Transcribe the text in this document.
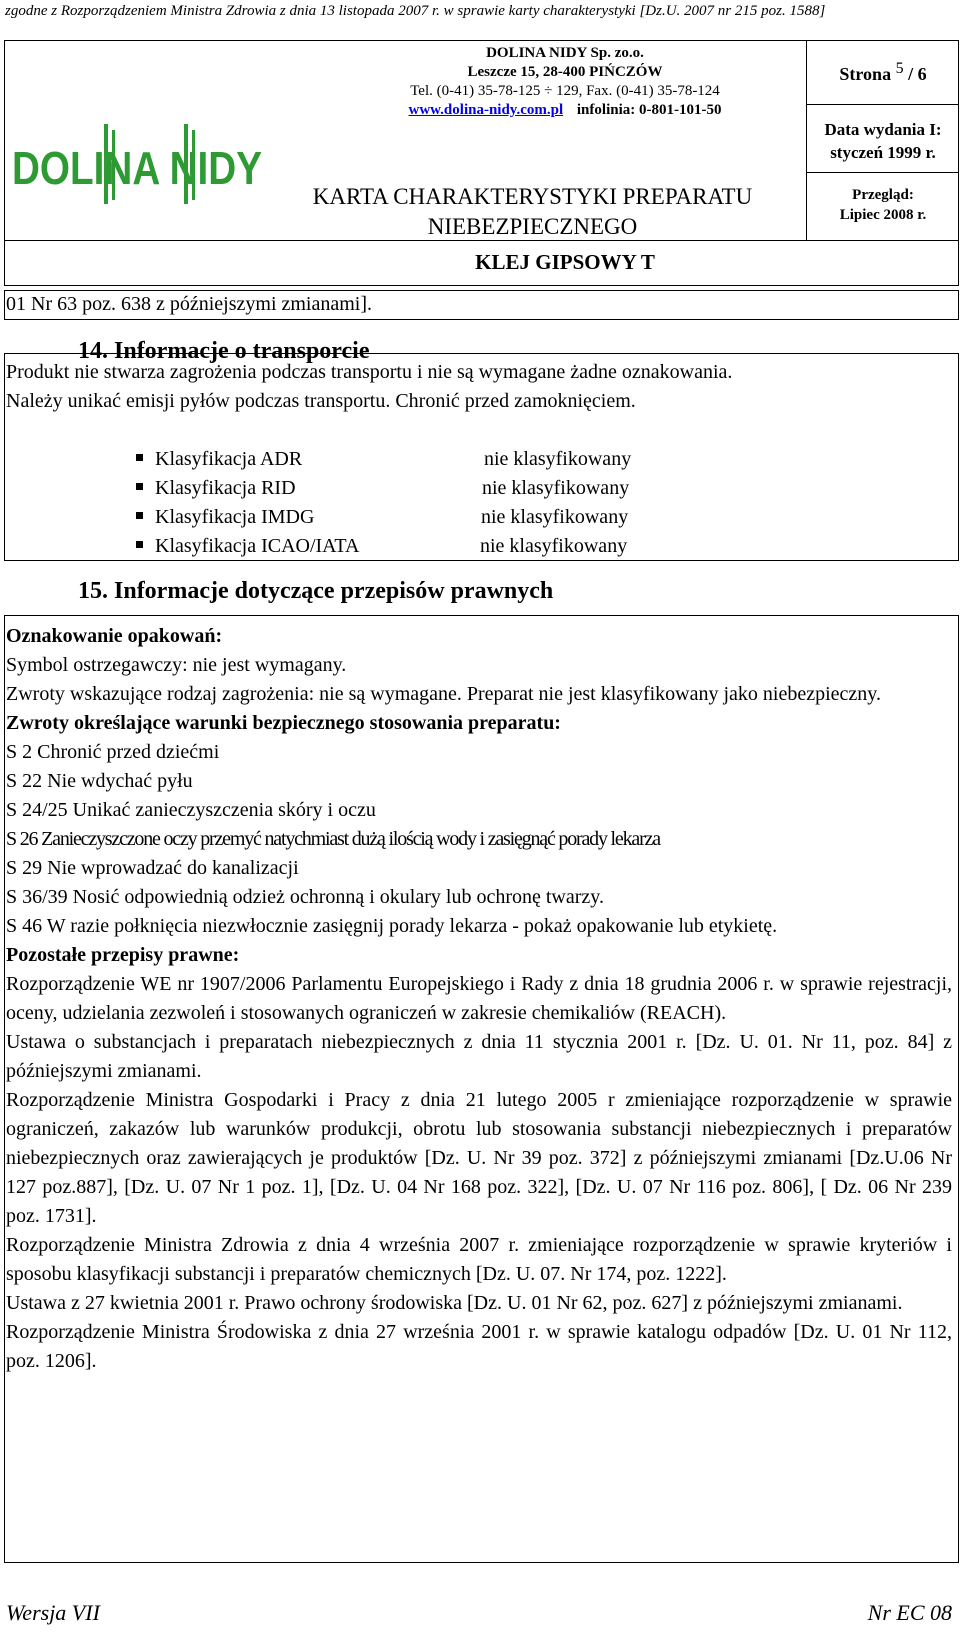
zgodne z Rozporządzeniem Ministra Zdrowia z dnia 13 listopada 2007 r. w sprawie karty charakterystyki [Dz.U. 2007 nr 215 poz. 1588]
DOLINA NIDY
DOLINA NIDY Sp. zo.o.
Leszcze 15, 28-400 PIŃCZÓW
Tel. (0-41) 35-78-125 ÷ 129, Fax. (0-41) 35-78-124
www.dolina-nidy.com.pl infolinia: 0-801-101-50
KARTA CHARAKTERYSTYKI PREPARATU
NIEBEZPIECZNEGO
KLEJ GIPSOWY T
Strona $^5$ / 6
Data wydania I:
styczeń 1999 r.
Przegląd:
Lipiec 2008 r.
01 Nr 63 poz. 638 z późniejszymi zmianami].
14. Informacje o transporcie
Produkt nie stwarza zagrożenia podczas transportu i nie są wymagane żadne oznakowania.
Należy unikać emisji pyłów podczas transportu. Chronić przed zamoknięciem.
Klasyfikacja ADR	nie klasyfikowany
Klasyfikacja RID	nie klasyfikowany
Klasyfikacja IMDG	nie klasyfikowany
Klasyfikacja ICAO/IATA	nie klasyfikowany
15. Informacje dotyczące przepisów prawnych
Oznakowanie opakowań:
Symbol ostrzegawczy: nie jest wymagany.
Zwroty wskazujące rodzaj zagrożenia: nie są wymagane. Preparat nie jest klasyfikowany jako niebezpieczny.
Zwroty określające warunki bezpiecznego stosowania preparatu:
S 2 Chronić przed dziećmi
S 22 Nie wdychać pyłu
S 24/25 Unikać zanieczyszczenia skóry i oczu
S 26 Zanieczyszczone oczy przemyć natychmiast dużą ilością wody i zasięgnąć porady lekarza
S 29 Nie wprowadzać do kanalizacji
S 36/39 Nosić odpowiednią odzież ochronną i okulary lub ochronę twarzy.
S 46 W razie połknięcia niezwłocznie zasięgnij porady lekarza - pokaż opakowanie lub etykietę.
Pozostałe przepisy prawne:
Rozporządzenie WE nr 1907/2006 Parlamentu Europejskiego i Rady z dnia 18 grudnia 2006 r. w sprawie rejestracji, oceny, udzielania zezwoleń i stosowanych ograniczeń w zakresie chemikaliów (REACH).
Ustawa o substancjach i preparatach niebezpiecznych z dnia 11 stycznia 2001 r. [Dz. U. 01. Nr 11, poz. 84] z późniejszymi zmianami.
Rozporządzenie Ministra Gospodarki i Pracy z dnia 21 lutego 2005 r zmieniające rozporządzenie w sprawie ograniczeń, zakazów lub warunków produkcji, obrotu lub stosowania substancji niebezpiecznych i preparatów niebezpiecznych oraz zawierających je produktów [Dz. U. Nr 39 poz. 372] z późniejszymi zmianami [Dz.U.06 Nr 127 poz.887], [Dz. U. 07 Nr 1 poz. 1], [Dz. U. 04 Nr 168 poz. 322], [Dz. U. 07 Nr 116 poz. 806], [ Dz. 06 Nr 239 poz. 1731].
Rozporządzenie Ministra Zdrowia z dnia 4 września 2007 r. zmieniające rozporządzenie w sprawie kryteriów i sposobu klasyfikacji substancji i preparatów chemicznych [Dz. U. 07. Nr 174, poz. 1222].
Ustawa z 27 kwietnia 2001 r. Prawo ochrony środowiska [Dz. U. 01 Nr 62, poz. 627] z późniejszymi zmianami.
Rozporządzenie Ministra Środowiska z dnia 27 września 2001 r. w sprawie katalogu odpadów [Dz. U. 01 Nr 112, poz. 1206].
Wersja VII	Nr EC 08
